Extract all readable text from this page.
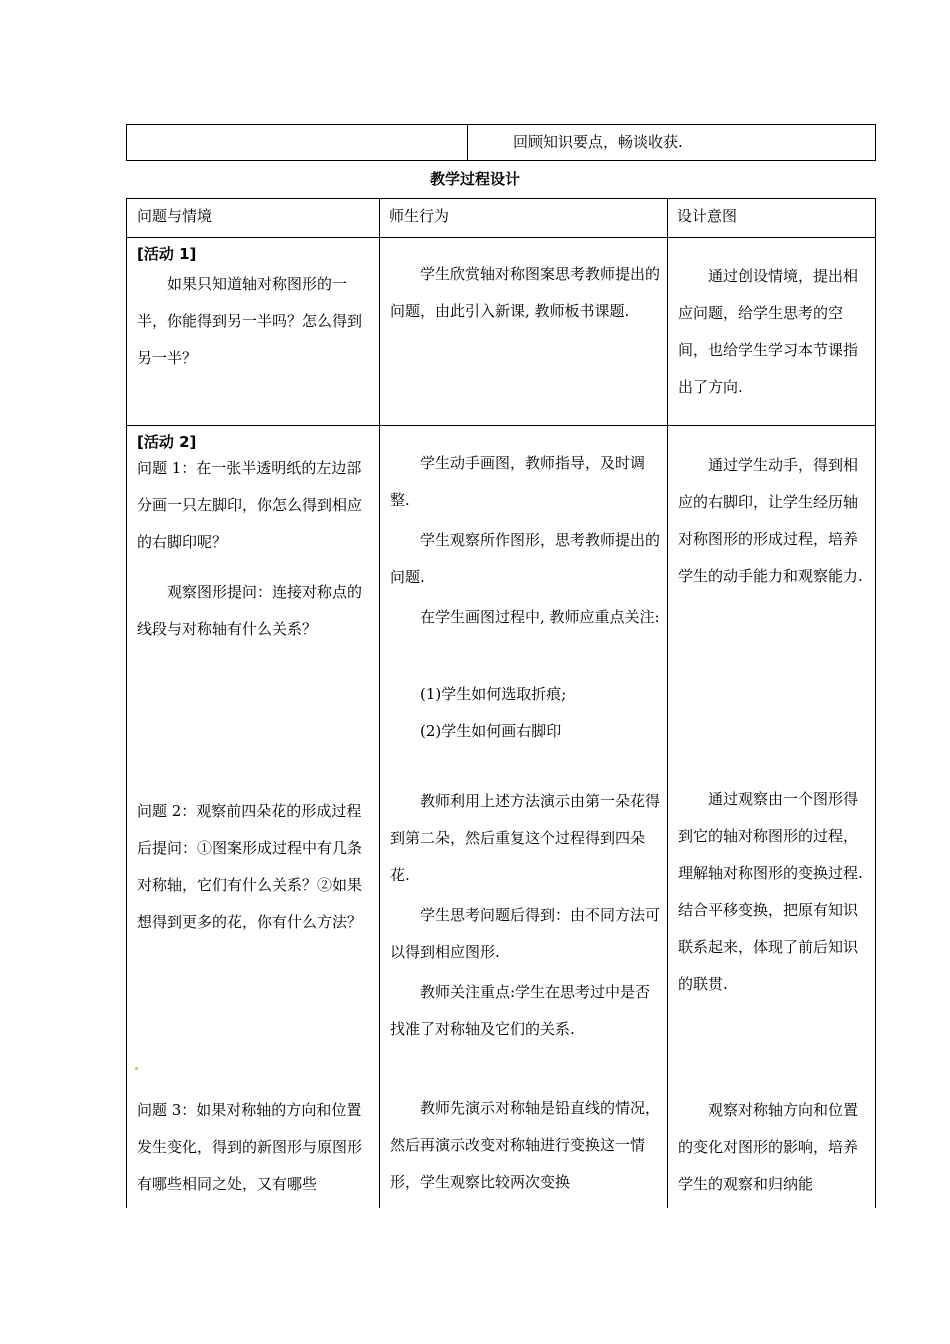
回顾知识要点，畅谈收获.
教学过程设计
问题与情境	师生行为	设计意图
[活动 1]
如果只知道轴对称图形的一半，你能得到另一半吗？怎么得到另一半？
学生欣赏轴对称图案思考教师提出的问题，由此引入新课, 教师板书课题.
通过创设情境，提出相应问题，给学生思考的空间，也给学生学习本节课指出了方向.
[活动 2]
问题 1：在一张半透明纸的左边部分画一只左脚印，你怎么得到相应的右脚印呢？
观察图形提问：连接对称点的线段与对称轴有什么关系？
学生动手画图，教师指导，及时调整.
学生观察所作图形，思考教师提出的问题.
在学生画图过程中, 教师应重点关注:
(1)学生如何选取折痕;
(2)学生如何画右脚印
通过学生动手，得到相应的右脚印，让学生经历轴对称图形的形成过程，培养学生的动手能力和观察能力.
问题 2：观察前四朵花的形成过程后提问：①图案形成过程中有几条对称轴，它们有什么关系？②如果想得到更多的花，你有什么方法？
教师利用上述方法演示由第一朵花得到第二朵，然后重复这个过程得到四朵花.
学生思考问题后得到：由不同方法可以得到相应图形.
教师关注重点:学生在思考过中是否找准了对称轴及它们的关系.
通过观察由一个图形得到它的轴对称图形的过程，理解轴对称图形的变换过程. 结合平移变换，把原有知识联系起来，体现了前后知识的联贯.
问题 3：如果对称轴的方向和位置发生变化，得到的新图形与原图形有哪些相同之处，又有哪些
教师先演示对称轴是铅直线的情况，然后再演示改变对称轴进行变换这一情形，学生观察比较两次变换
观察对称轴方向和位置的变化对图形的影响，培养学生的观察和归纳能
